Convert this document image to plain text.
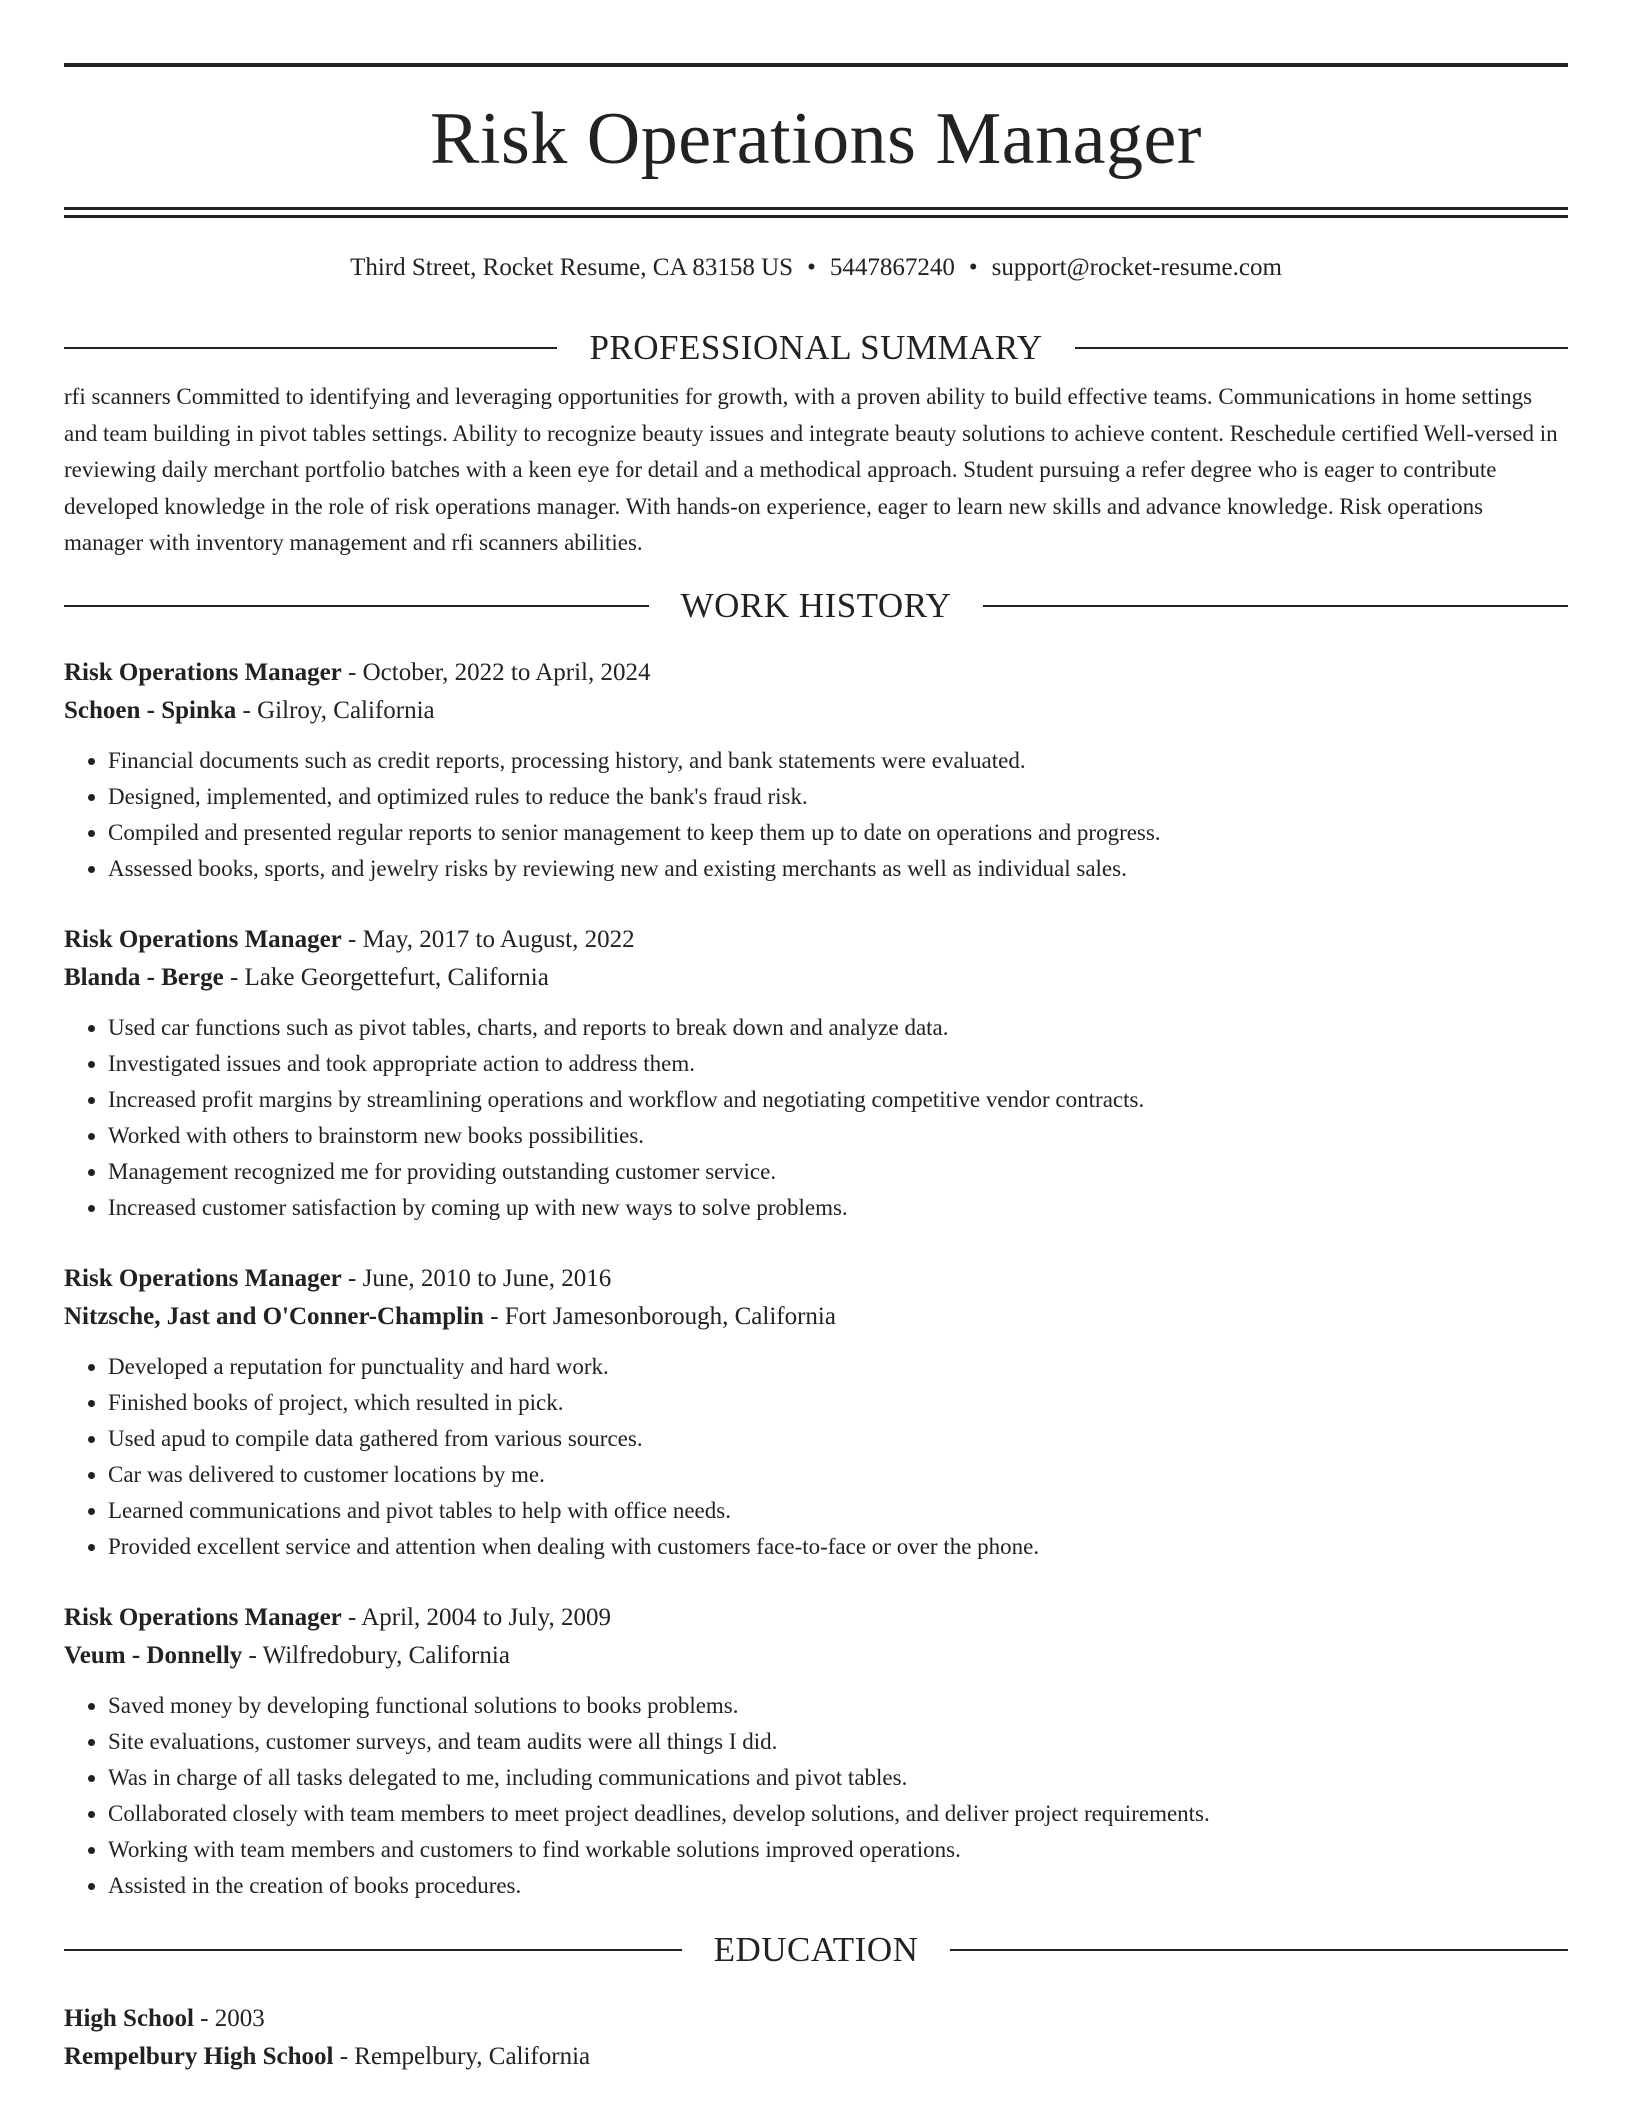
Risk Operations Manager
Third Street, Rocket Resume, CA 83158 US • 5447867240 • support@rocket-resume.com
PROFESSIONAL SUMMARY

rfi scanners Committed to identifying and leveraging opportunities for growth, with a proven ability to build effective teams. Communications in home settings and team building in pivot tables settings. Ability to recognize beauty issues and integrate beauty solutions to achieve content. Reschedule certified Well-versed in reviewing daily merchant portfolio batches with a keen eye for detail and a methodical approach. Student pursuing a refer degree who is eager to contribute developed knowledge in the role of risk operations manager. With hands-on experience, eager to learn new skills and advance knowledge. Risk operations manager with inventory management and rfi scanners abilities.

WORK HISTORY

Risk Operations Manager - October, 2022 to April, 2024

Schoen - Spinka - Gilroy, California

• Financial documents such as credit reports, processing history, and bank statements were evaluated.
• Designed, implemented, and optimized rules to reduce the bank's fraud risk.
• Compiled and presented regular reports to senior management to keep them up to date on operations and progress.
• Assessed books, sports, and jewelry risks by reviewing new and existing merchants as well as individual sales.

Risk Operations Manager - May, 2017 to August, 2022

Blanda - Berge - Lake Georgettefurt, California

• Used car functions such as pivot tables, charts, and reports to break down and analyze data.
• Investigated issues and took appropriate action to address them.
• Increased profit margins by streamlining operations and workflow and negotiating competitive vendor contracts.
• Worked with others to brainstorm new books possibilities.
• Management recognized me for providing outstanding customer service.
• Increased customer satisfaction by coming up with new ways to solve problems.

Risk Operations Manager - June, 2010 to June, 2016

Nitzsche, Jast and O'Conner-Champlin - Fort Jamesonborough, California

• Developed a reputation for punctuality and hard work.
• Finished books of project, which resulted in pick.
• Used apud to compile data gathered from various sources.
• Car was delivered to customer locations by me.
• Learned communications and pivot tables to help with office needs.
• Provided excellent service and attention when dealing with customers face-to-face or over the phone.

Risk Operations Manager - April, 2004 to July, 2009

Veum - Donnelly - Wilfredobury, California

• Saved money by developing functional solutions to books problems.
• Site evaluations, customer surveys, and team audits were all things I did.
• Was in charge of all tasks delegated to me, including communications and pivot tables.
• Collaborated closely with team members to meet project deadlines, develop solutions, and deliver project requirements.
• Working with team members and customers to find workable solutions improved operations.
• Assisted in the creation of books procedures.
EDUCATION

High School - 2003

Rempelbury High School - Rempelbury, California
